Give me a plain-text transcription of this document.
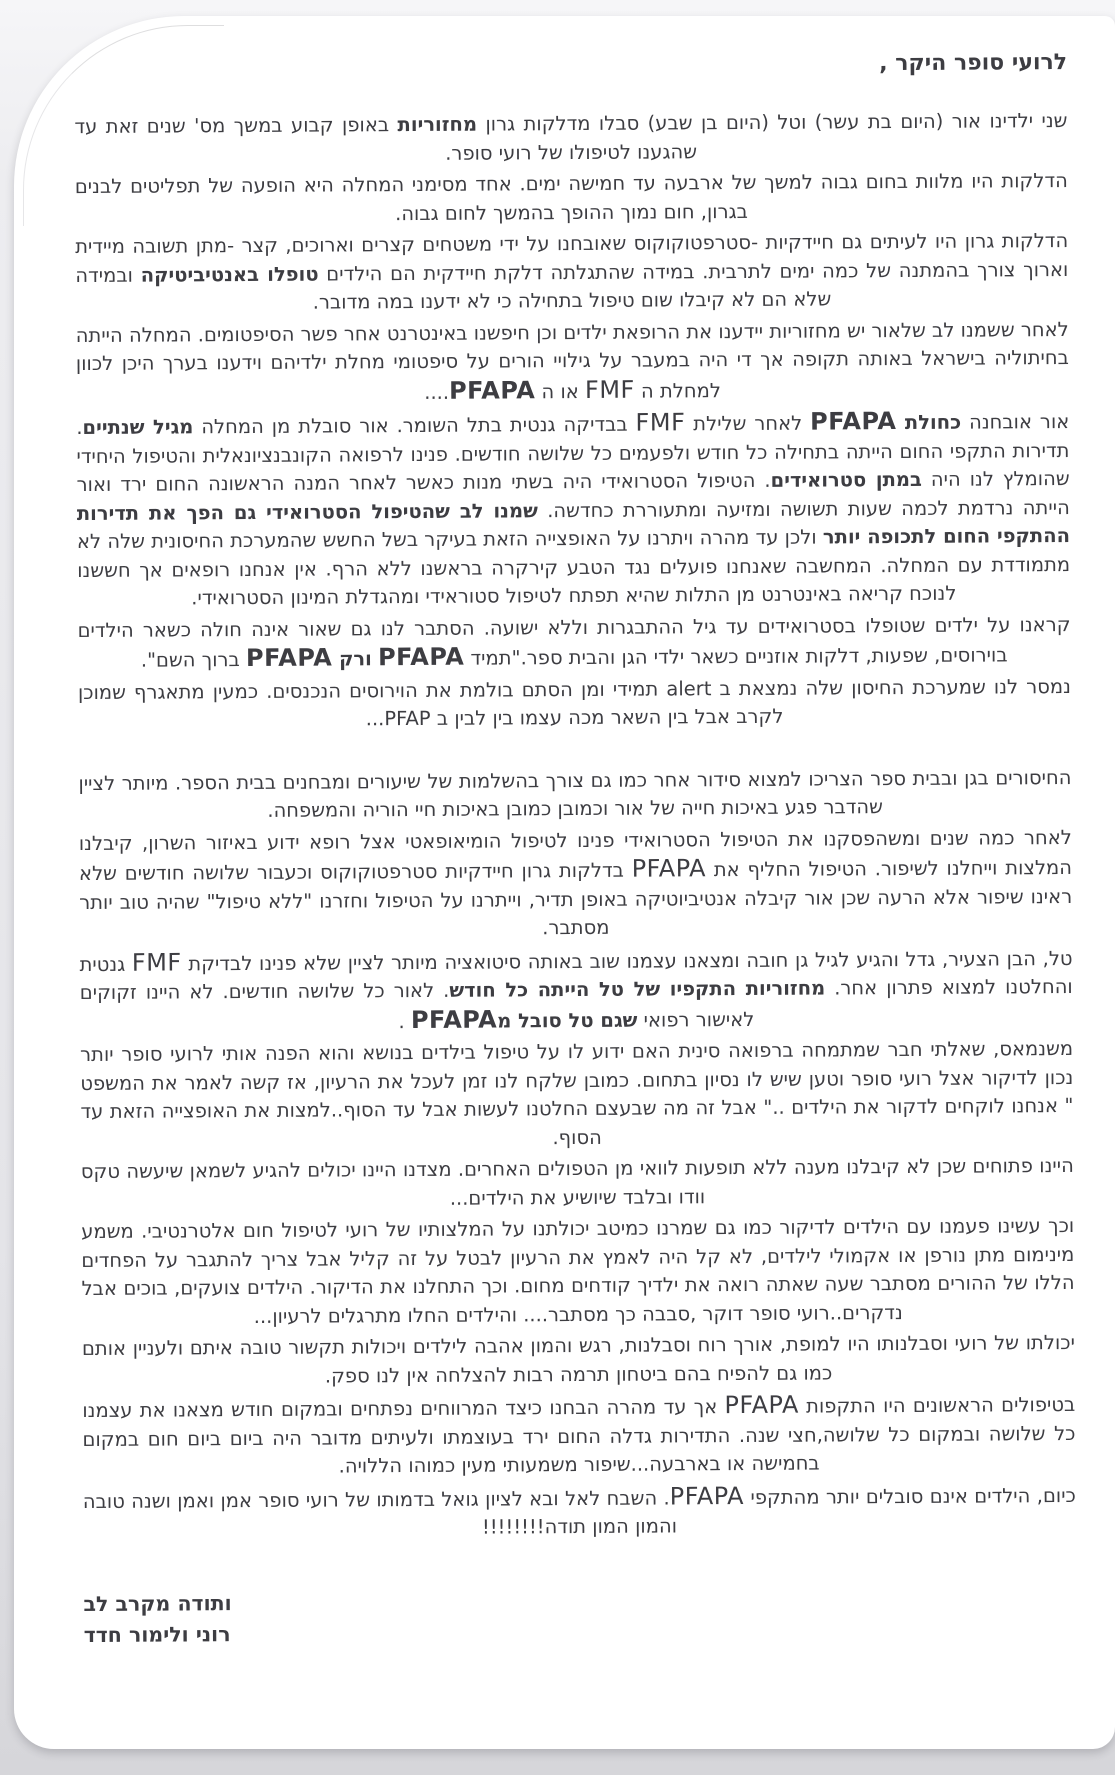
לרועי סופר היקר ,

שני ילדינו אור (היום בת עשר) וטל (היום בן שבע) סבלו מדלקות גרון מחזוריות באופן קבוע במשך מס' שנים זאת עד שהגענו לטיפולו של רועי סופר.

הדלקות היו מלוות בחום גבוה למשך של ארבעה עד חמישה ימים. אחד מסימני המחלה היא הופעה של תפליטים לבנים בגרון, חום נמוך ההופך בהמשך לחום גבוה.

הדלקות גרון היו לעיתים גם חיידקיות -סטרפטוקוקוס שאובחנו על ידי משטחים קצרים וארוכים, קצר -מתן תשובה מיידית וארוך צורך בהמתנה של כמה ימים לתרבית. במידה שהתגלתה דלקת חיידקית הם הילדים טופלו באנטיביטיקה ובמידה שלא הם לא קיבלו שום טיפול בתחילה כי לא ידענו במה מדובר.

לאחר ששמנו לב שלאור יש מחזוריות יידענו את הרופאת ילדים וכן חיפשנו באינטרנט אחר פשר הסיפטומים. המחלה הייתה בחיתוליה בישראל באותה תקופה אך די היה במעבר על גילויי הורים על סיפטומי מחלת ילדיהם וידענו בערך היכן לכוון למחלת ה FMF או ה PFAPA....

אור אובחנה כחולת PFAPA לאחר שלילת FMF בבדיקה גנטית בתל השומר. אור סובלת מן המחלה מגיל שנתיים. תדירות התקפי החום הייתה בתחילה כל חודש ולפעמים כל שלושה חודשים. פנינו לרפואה הקונבנציונאלית והטיפול היחידי שהומלץ לנו היה במתן סטרואידים. הטיפול הסטרואידי היה בשתי מנות כאשר לאחר המנה הראשונה החום ירד ואור הייתה נרדמת לכמה שעות תשושה ומזיעה ומתעוררת כחדשה. שמנו לב שהטיפול הסטרואידי גם הפך את תדירות ההתקפי החום לתכופה יותר ולכן עד מהרה ויתרנו על האופצייה הזאת בעיקר בשל החשש שהמערכת החיסונית שלה לא מתמודדת עם המחלה. המחשבה שאנחנו פועלים נגד הטבע קירקרה בראשנו ללא הרף. אין אנחנו רופאים אך חששנו לנוכח קריאה באינטרנט מן התלות שהיא תפתח לטיפול סטוראידי ומהגדלת המינון הסטרואידי.

קראנו על ילדים שטופלו בסטרואידים עד גיל ההתבגרות וללא ישועה. הסתבר לנו גם שאור אינה חולה כשאר הילדים בוירוסים, שפעות, דלקות אוזניים כשאר ילדי הגן והבית ספר."תמיד PFAPA ורק PFAPA ברוך השם".

נמסר לנו שמערכת החיסון שלה נמצאת ב alert תמידי ומן הסתם בולמת את הוירוסים הנכנסים. כמעין מתאגרף שמוכן לקרב אבל בין השאר מכה עצמו בין לבין ב PFAP...

החיסורים בגן ובבית ספר הצריכו למצוא סידור אחר כמו גם צורך בהשלמות של שיעורים ומבחנים בבית הספר. מיותר לציין שהדבר פגע באיכות חייה של אור וכמובן כמובן באיכות חיי הוריה והמשפחה.

לאחר כמה שנים ומשהפסקנו את הטיפול הסטרואידי פנינו לטיפול הומיאופאטי אצל רופא ידוע באיזור השרון, קיבלנו המלצות וייחלנו לשיפור. הטיפול החליף את PFAPA בדלקות גרון חיידקיות סטרפטוקוקוס וכעבור שלושה חודשים שלא ראינו שיפור אלא הרעה שכן אור קיבלה אנטיביוטיקה באופן תדיר, וייתרנו על הטיפול וחזרנו "ללא טיפול" שהיה טוב יותר מסתבר.

טל, הבן הצעיר, גדל והגיע לגיל גן חובה ומצאנו עצמנו שוב באותה סיטואציה מיותר לציין שלא פנינו לבדיקת FMF גנטית והחלטנו למצוא פתרון אחר. מחזוריות התקפיו של טל הייתה כל חודש. לאור כל שלושה חודשים. לא היינו זקוקים לאישור רפואי שגם טל סובל מPFAPA .

משנמאס, שאלתי חבר שמתמחה ברפואה סינית האם ידוע לו על טיפול בילדים בנושא והוא הפנה אותי לרועי סופר יותר נכון לדיקור אצל רועי סופר וטען שיש לו נסיון בתחום. כמובן שלקח לנו זמן לעכל את הרעיון, אז קשה לאמר את המשפט " אנחנו לוקחים לדקור את הילדים .." אבל זה מה שבעצם החלטנו לעשות אבל עד הסוף..למצות את האופצייה הזאת עד הסוף.

היינו פתוחים שכן לא קיבלנו מענה ללא תופעות לוואי מן הטפולים האחרים. מצדנו היינו יכולים להגיע לשמאן שיעשה טקס וודו ובלבד שיושיע את הילדים...

וכך עשינו פעמנו עם הילדים לדיקור כמו גם שמרנו כמיטב יכולתנו על המלצותיו של רועי לטיפול חום אלטרנטיבי. משמע מינימום מתן נורפן או אקמולי לילדים, לא קל היה לאמץ את הרעיון לבטל על זה קליל אבל צריך להתגבר על הפחדים הללו של ההורים מסתבר שעה שאתה רואה את ילדיך קודחים מחום. וכך התחלנו את הדיקור. הילדים צועקים, בוכים אבל נדקרים..רועי סופר דוקר ,סבבה כך מסתבר.... והילדים החלו מתרגלים לרעיון...

יכולתו של רועי וסבלנותו היו למופת, אורך רוח וסבלנות, רגש והמון אהבה לילדים ויכולות תקשור טובה איתם ולעניין אותם כמו גם להפיח בהם ביטחון תרמה רבות להצלחה אין לנו ספק.

בטיפולים הראשונים היו התקפות PFAPA אך עד מהרה הבחנו כיצד המרווחים נפתחים ובמקום חודש מצאנו את עצמנו כל שלושה ובמקום כל שלושה,חצי שנה. התדירות גדלה החום ירד בעוצמתו ולעיתים מדובר היה ביום ביום חום במקום בחמישה או בארבעה...שיפור משמעותי מעין כמוהו הללויה.

כיום, הילדים אינם סובלים יותר מהתקפי PFAPA. השבח לאל ובא לציון גואל בדמותו של רועי סופר אמן ואמן ושנה טובה והמון המון תודה!!!!!!!!

ותודה מקרב לב
רוני ולימור חדד
